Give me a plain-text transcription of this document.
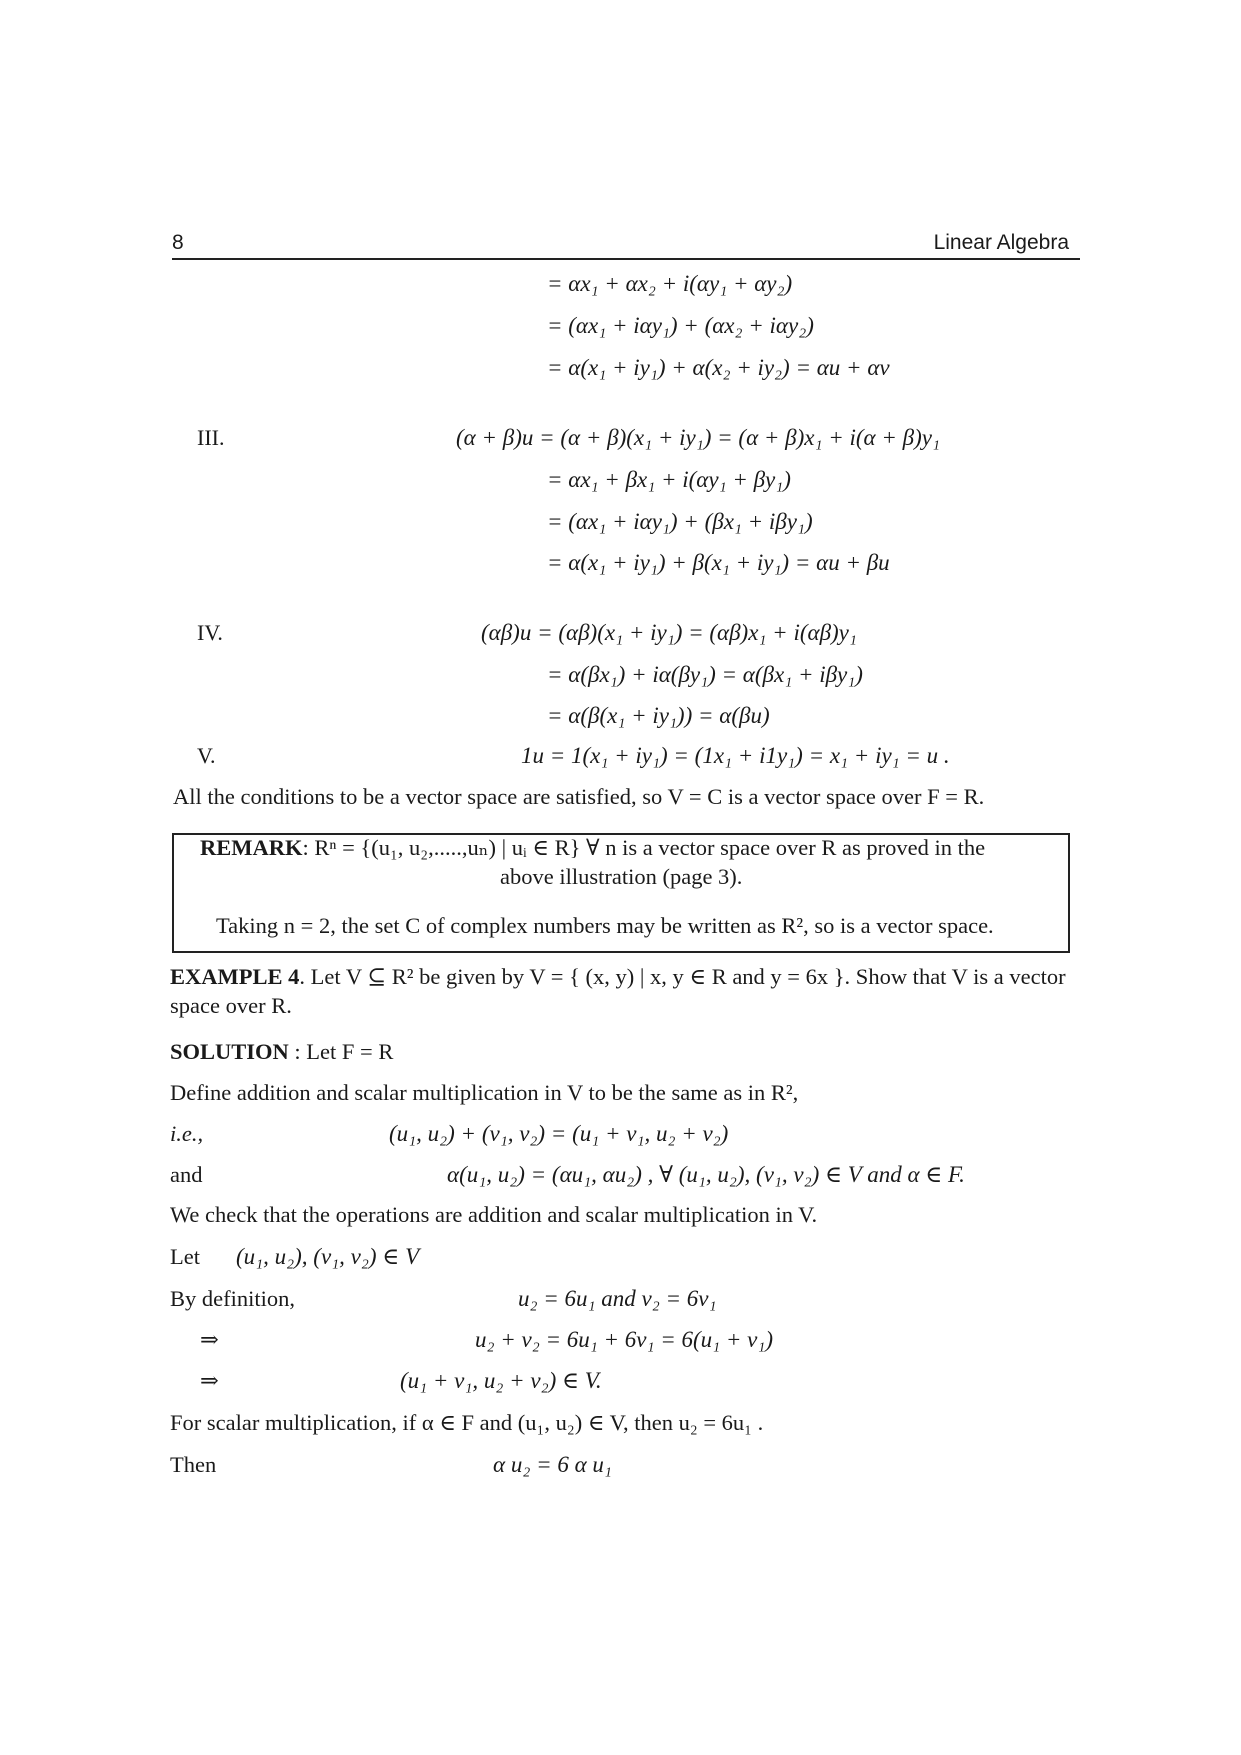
8	Linear Algebra
= αx₁ + αx₂ + i(αy₁ + αy₂)
= (αx₁ + iαy₁) + (αx₂ + iαy₂)
= α(x₁ + iy₁) + α(x₂ + iy₂) = αu + αv
III.	(α + β)u = (α + β)(x₁ + iy₁) = (α + β)x₁ + i(α + β)y₁
= αx₁ + βx₁ + i(αy₁ + βy₁)
= (αx₁ + iαy₁) + (βx₁ + iβy₁)
= α(x₁ + iy₁) + β(x₁ + iy₁) = αu + βu
IV.	(αβ)u = (αβ)(x₁ + iy₁) = (αβ)x₁ + i(αβ)y₁
= α(βx₁) + iα(βy₁) = α(βx₁ + iβy₁)
= α(β(x₁ + iy₁)) = α(βu)
V.	1u = 1(x₁ + iy₁) = (1x₁ + i1y₁) = x₁ + iy₁ = u .
All the conditions to be a vector space are satisfied, so V = C is a vector space over F = R.
REMARK: Rⁿ = {(u₁, u₂,.....,uₙ) | uᵢ ∈ R} ∀ n is a vector space over R as proved in the
above illustration (page 3).
Taking n = 2, the set C of complex numbers may be written as R², so is a vector space.
EXAMPLE 4. Let V ⊆ R² be given by V = { (x, y) | x, y ∈ R and y = 6x }. Show that V is a vector
space over R.
SOLUTION : Let F = R
Define addition and scalar multiplication in V to be the same as in R²,
i.e.,	(u₁, u₂) + (v₁, v₂) = (u₁ + v₁, u₂ + v₂)
and	α(u₁, u₂) = (αu₁, αu₂) , ∀ (u₁, u₂), (v₁, v₂) ∈ V and α ∈ F.
We check that the operations are addition and scalar multiplication in V.
Let (u₁, u₂), (v₁, v₂) ∈ V
By definition,	u₂ = 6u₁ and v₂ = 6v₁
⇒	u₂ + v₂ = 6u₁ + 6v₁ = 6(u₁ + v₁)
⇒	(u₁ + v₁, u₂ + v₂) ∈ V.
For scalar multiplication, if α ∈ F and (u₁, u₂) ∈ V, then u₂ = 6u₁ .
Then	α u₂ = 6 α u₁
